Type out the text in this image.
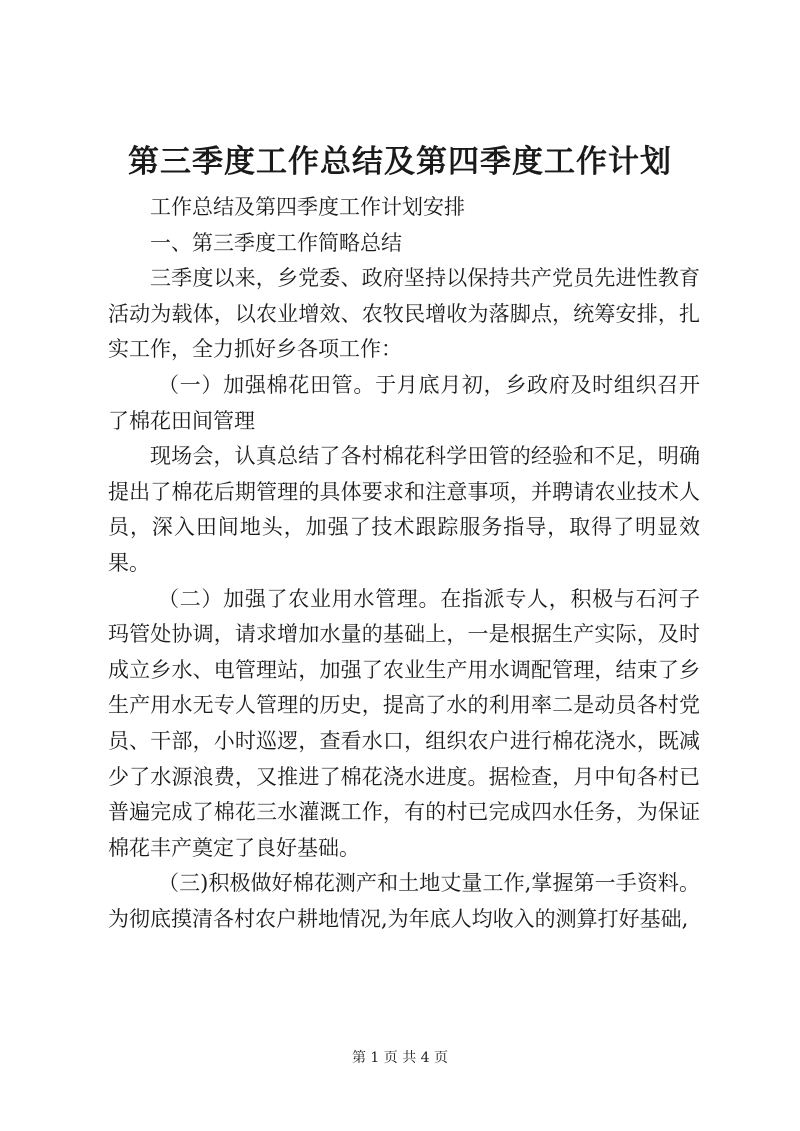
第三季度工作总结及第四季度工作计划

工作总结及第四季度工作计划安排

一、第三季度工作简略总结

三季度以来，乡党委、政府坚持以保持共产党员先进性教育活动为载体，以农业增效、农牧民增收为落脚点，统筹安排，扎实工作，全力抓好乡各项工作：

（一）加强棉花田管。于月底月初，乡政府及时组织召开了棉花田间管理

现场会，认真总结了各村棉花科学田管的经验和不足，明确提出了棉花后期管理的具体要求和注意事项，并聘请农业技术人员，深入田间地头，加强了技术跟踪服务指导，取得了明显效果。

（二）加强了农业用水管理。在指派专人，积极与石河子玛管处协调，请求增加水量的基础上，一是根据生产实际，及时成立乡水、电管理站，加强了农业生产用水调配管理，结束了乡生产用水无专人管理的历史，提高了水的利用率二是动员各村党员、干部，小时巡逻，查看水口，组织农户进行棉花浇水，既减少了水源浪费，又推进了棉花浇水进度。据检查，月中旬各村已普遍完成了棉花三水灌溉工作，有的村已完成四水任务，为保证棉花丰产奠定了良好基础。

（三)积极做好棉花测产和土地丈量工作,掌握第一手资料。为彻底摸清各村农户耕地情况,为年底人均收入的测算打好基础,

第 1 页 共 4 页
